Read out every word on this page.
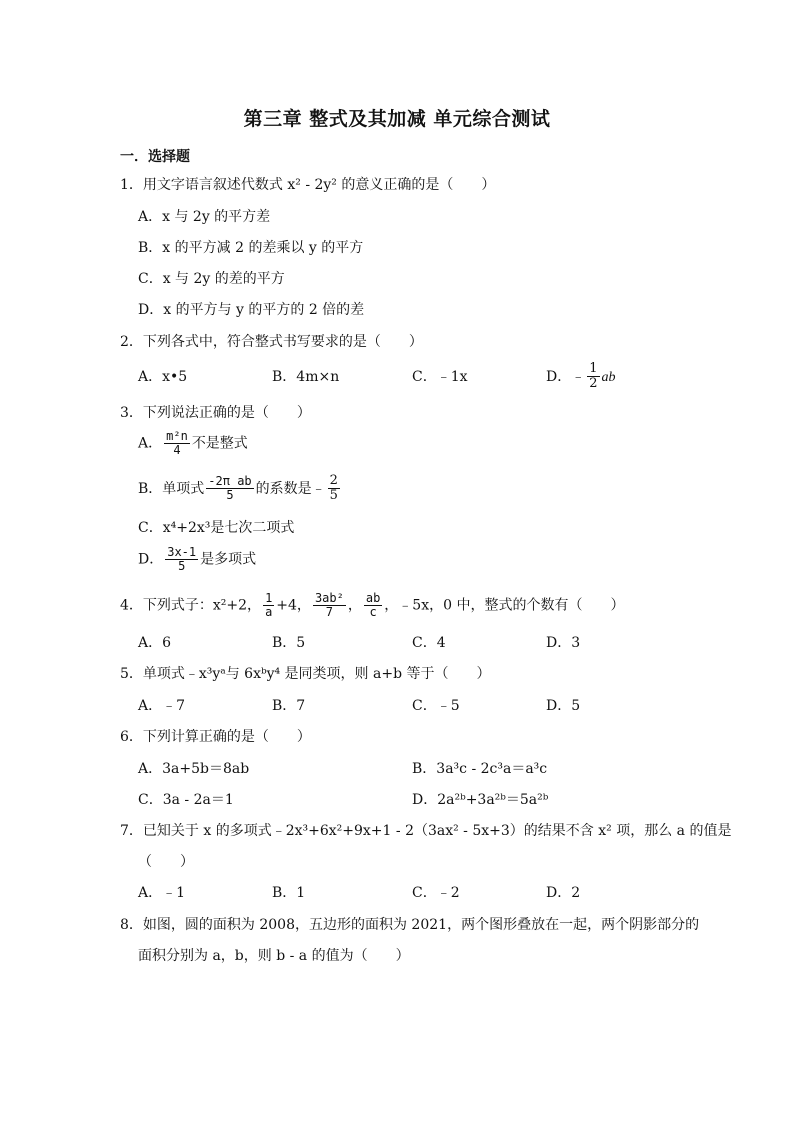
第三章 整式及其加减 单元综合测试
一．选择题
1．用文字语言叙述代数式 x² - 2y² 的意义正确的是（　　）
A．x 与 2y 的平方差
B．x 的平方减 2 的差乘以 y 的平方
C．x 与 2y 的差的平方
D．x 的平方与 y 的平方的 2 倍的差
2．下列各式中，符合整式书写要求的是（　　）
A．x•5	B．4m×n	C．﹣1x	D．﹣ $\frac{1}{2}$ ab
3．下列说法正确的是（　　）
A． $\frac{\text{m²n}}{4}$ 不是整式
B．单项式 $\frac{\text{-2π ab}}{5}$ 的系数是﹣ $\frac{2}{5}$
C．x⁴+2x³是七次二项式
D． $\frac{3x-1}{5}$ 是多项式
4．下列式子：x²+2， $\frac{1}{a} +4$， $\frac{\text{3ab²}}{7}$ ， $\frac{ab}{c}$ ，﹣5x，0 中，整式的个数有（　　）
A．6	B．5	C．4	D．3
5．单项式﹣x³yᵃ与 6xᵇy⁴ 是同类项，则 a+b 等于（　　）
A．﹣7	B．7	C．﹣5	D．5
6．下列计算正确的是（　　）
A．3a+5b＝8ab	B．3a³c - 2c³a＝a³c
C．3a - 2a＝1	D．2a²ᵇ+3a²ᵇ＝5a²ᵇ
7．已知关于 x 的多项式﹣2x³+6x²+9x+1 - 2（3ax² - 5x+3）的结果不含 x² 项，那么 a 的值是
（　　）
A．﹣1	B．1	C．﹣2	D．2
8．如图，圆的面积为 2008，五边形的面积为 2021，两个图形叠放在一起，两个阴影部分的
面积分别为 a，b，则 b - a 的值为（　　）
